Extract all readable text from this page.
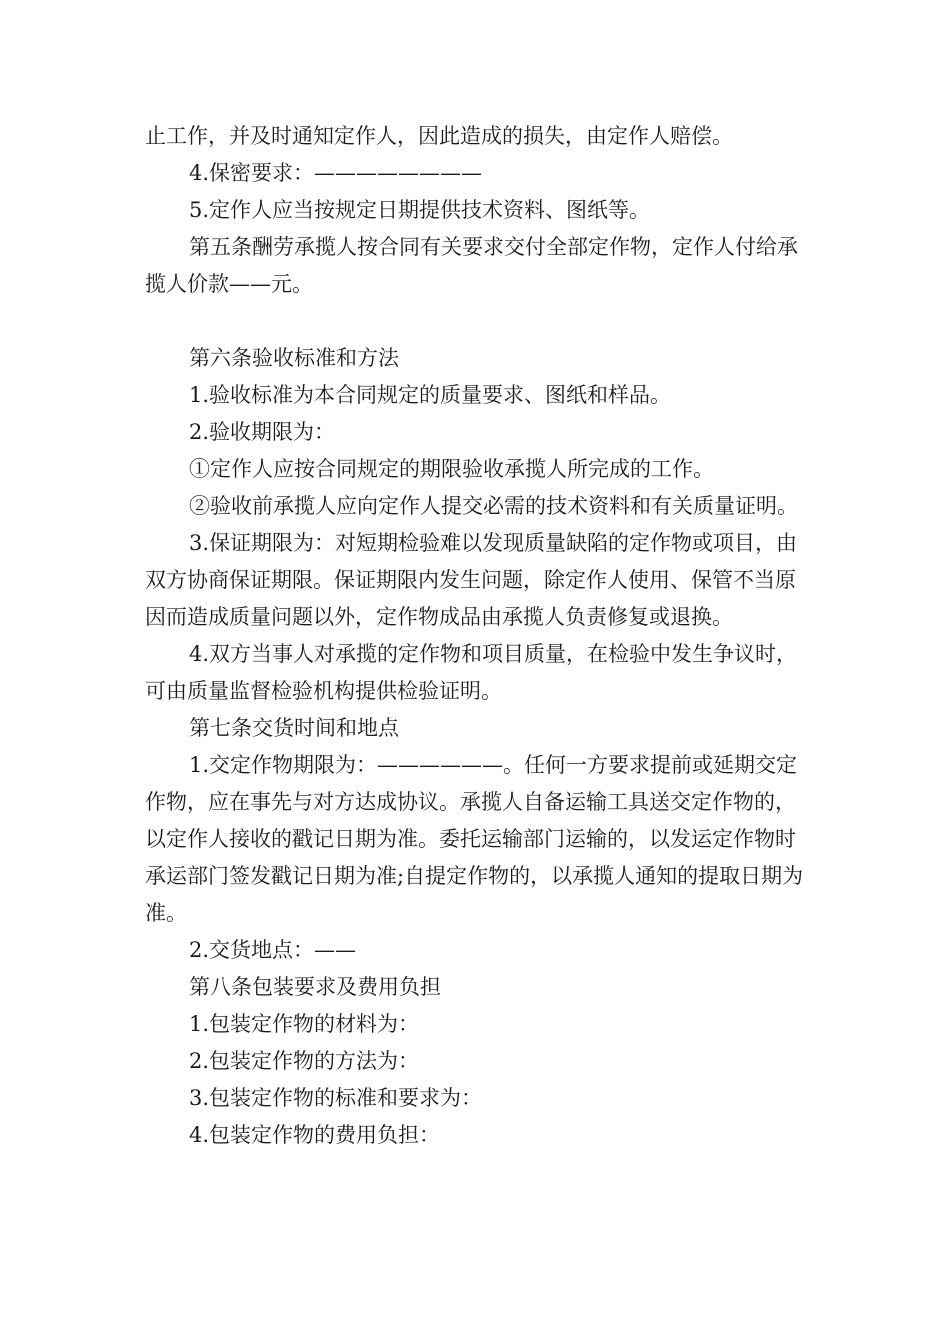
止工作，并及时通知定作人，因此造成的损失，由定作人赔偿。

4.保密要求：————————

5.定作人应当按规定日期提供技术资料、图纸等。

第五条酬劳承揽人按合同有关要求交付全部定作物，定作人付给承揽人价款——元。

第六条验收标准和方法

1.验收标准为本合同规定的质量要求、图纸和样品。

2.验收期限为：

①定作人应按合同规定的期限验收承揽人所完成的工作。

②验收前承揽人应向定作人提交必需的技术资料和有关质量证明。

3.保证期限为：对短期检验难以发现质量缺陷的定作物或项目，由双方协商保证期限。保证期限内发生问题，除定作人使用、保管不当原因而造成质量问题以外，定作物成品由承揽人负责修复或退换。

4.双方当事人对承揽的定作物和项目质量，在检验中发生争议时，可由质量监督检验机构提供检验证明。

第七条交货时间和地点

1.交定作物期限为：——————。任何一方要求提前或延期交定作物，应在事先与对方达成协议。承揽人自备运输工具送交定作物的，以定作人接收的戳记日期为准。委托运输部门运输的，以发运定作物时承运部门签发戳记日期为准;自提定作物的，以承揽人通知的提取日期为准。

2.交货地点：——

第八条包装要求及费用负担

1.包装定作物的材料为：

2.包装定作物的方法为：

3.包装定作物的标准和要求为：

4.包装定作物的费用负担：
